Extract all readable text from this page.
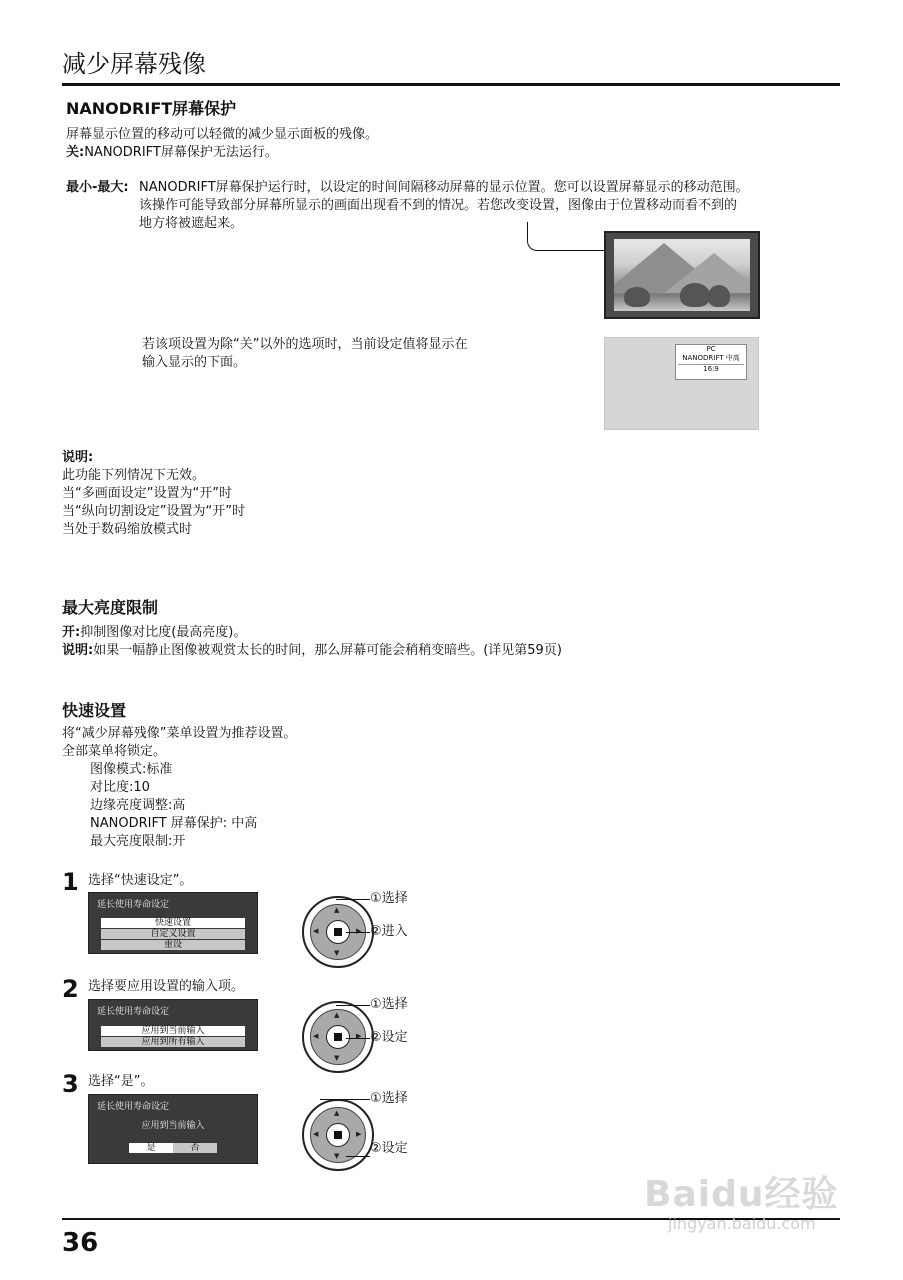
减少屏幕残像
NANODRIFT屏幕保护
屏幕显示位置的移动可以轻微的减少显示面板的残像。
关:NANODRIFT屏幕保护无法运行。
最小-最大: NANODRIFT屏幕保护运行时，以设定的时间间隔移动屏幕的显示位置。您可以设置屏幕显示的移动范围。
该操作可能导致部分屏幕所显示的画面出现看不到的情况。若您改变设置，图像由于位置移动而看不到的
地方将被遮起来。
若该项设置为除“关”以外的选项时，当前设定值将显示在
输入显示的下面。
PC
NANODRIFT 中高
16:9
说明:
此功能下列情况下无效。
当“多画面设定”设置为“开”时
当“纵向切割设定”设置为“开”时
当处于数码缩放模式时
最大亮度限制
开:抑制图像对比度(最高亮度)。
说明:如果一幅静止图像被观赏太长的时间，那么屏幕可能会稍稍变暗些。(详见第59页)
快速设置
将“减少屏幕残像”菜单设置为推荐设置。
全部菜单将锁定。
图像模式:标准
对比度:10
边缘亮度调整:高
NANODRIFT 屏幕保护: 中高
最大亮度限制:开
1 选择“快速设定”。
延长使用寿命设定
快速设置
自定义设置
重设
▲
▼
◀	▶
①选择
②进入
2 选择要应用设置的输入项。
延长使用寿命设定
应用到当前输入
应用到所有输入
▲
▼
◀	▶
①选择
②设定
3 选择“是”。
延长使用寿命设定
应用到当前输入
是	否
▲
▼
◀	▶
①选择
②设定
36
Baidu经验
jingyan.baidu.com
